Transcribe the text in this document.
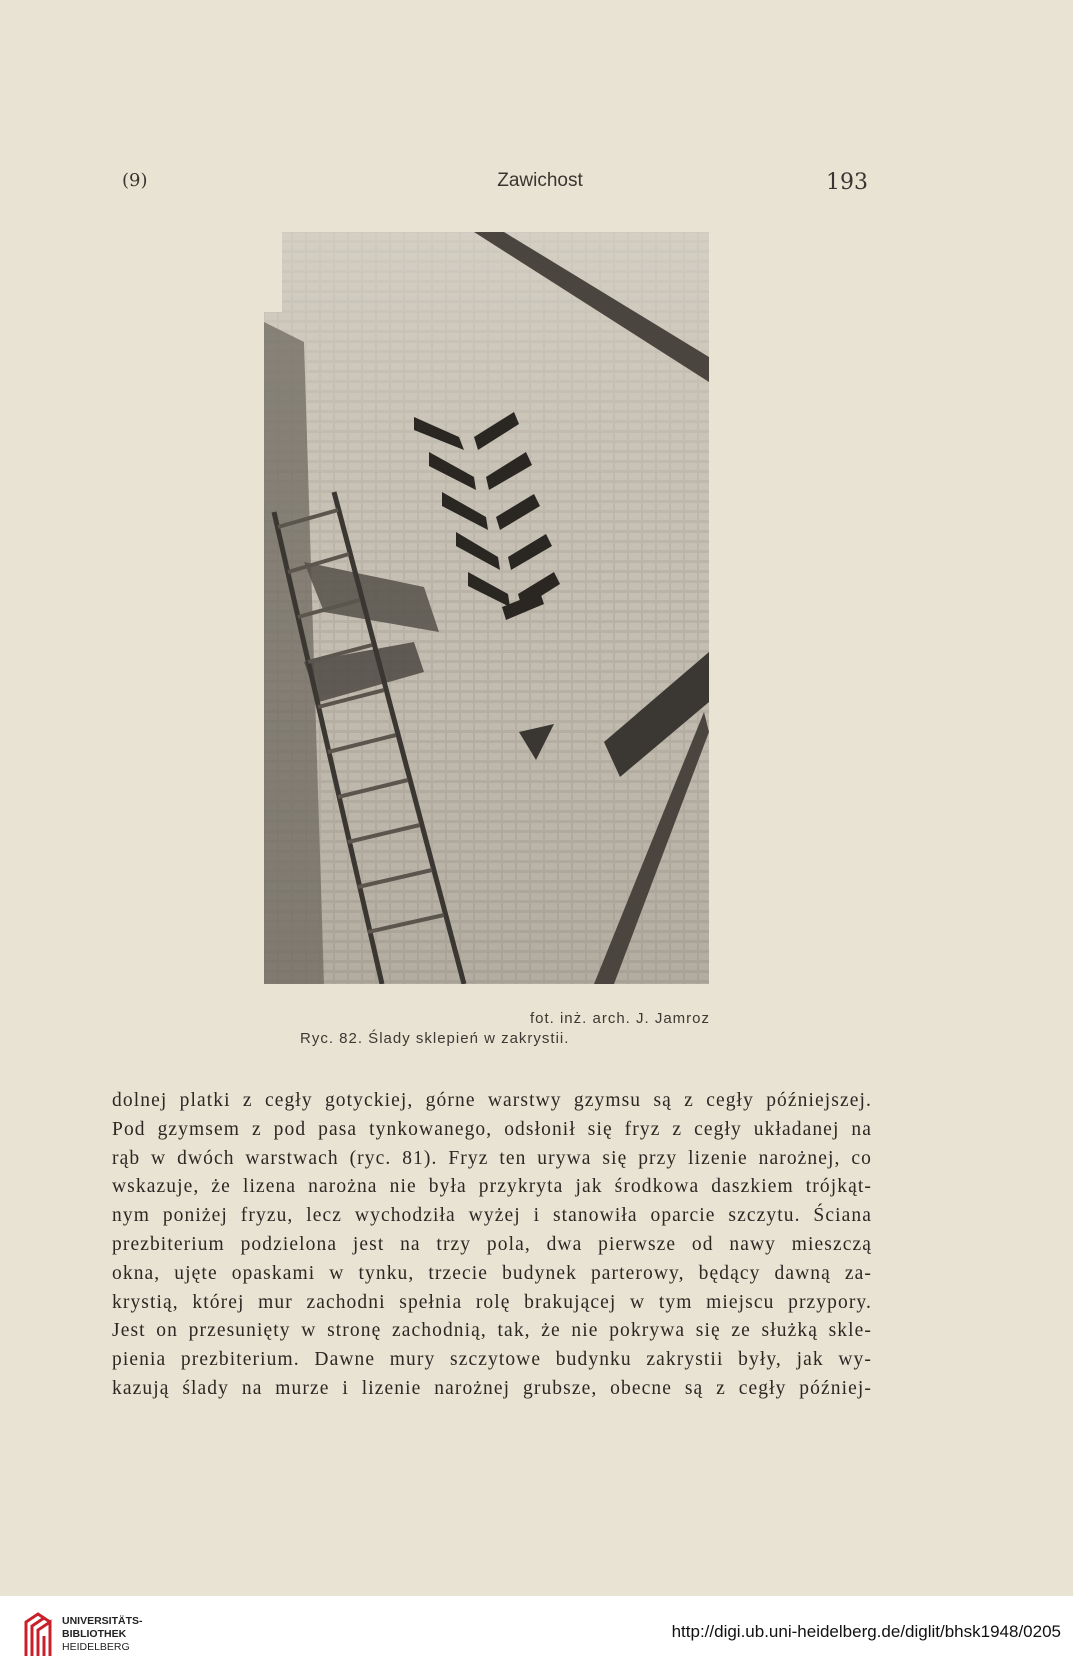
(9)	Zawichost	193
fot. inż. arch. J. Jamroz
Ryc. 82. Ślady sklepień w zakrystii.
dolnej platki z cegły gotyckiej, górne warstwy gzymsu są z cegły późniejszej.
Pod gzymsem z pod pasa tynkowanego, odsłonił się fryz z cegły układanej na
rąb w dwóch warstwach (ryc. 81). Fryz ten urywa się przy lizenie narożnej, co
wskazuje, że lizena narożna nie była przykryta jak środkowa daszkiem trójkąt-
nym poniżej fryzu, lecz wychodziła wyżej i stanowiła oparcie szczytu. Ściana
prezbiterium podzielona jest na trzy pola, dwa pierwsze od nawy mieszczą
okna, ujęte opaskami w tynku, trzecie budynek parterowy, będący dawną za-
krystią, której mur zachodni spełnia rolę brakującej w tym miejscu przypory.
Jest on przesunięty w stronę zachodnią, tak, że nie pokrywa się ze służką skle-
pienia prezbiterium. Dawne mury szczytowe budynku zakrystii były, jak wy-
kazują ślady na murze i lizenie narożnej grubsze, obecne są z cegły później-
UNIVERSITÄTS-
BIBLIOTHEK
HEIDELBERG
http://digi.ub.uni-heidelberg.de/diglit/bhsk1948/0205
